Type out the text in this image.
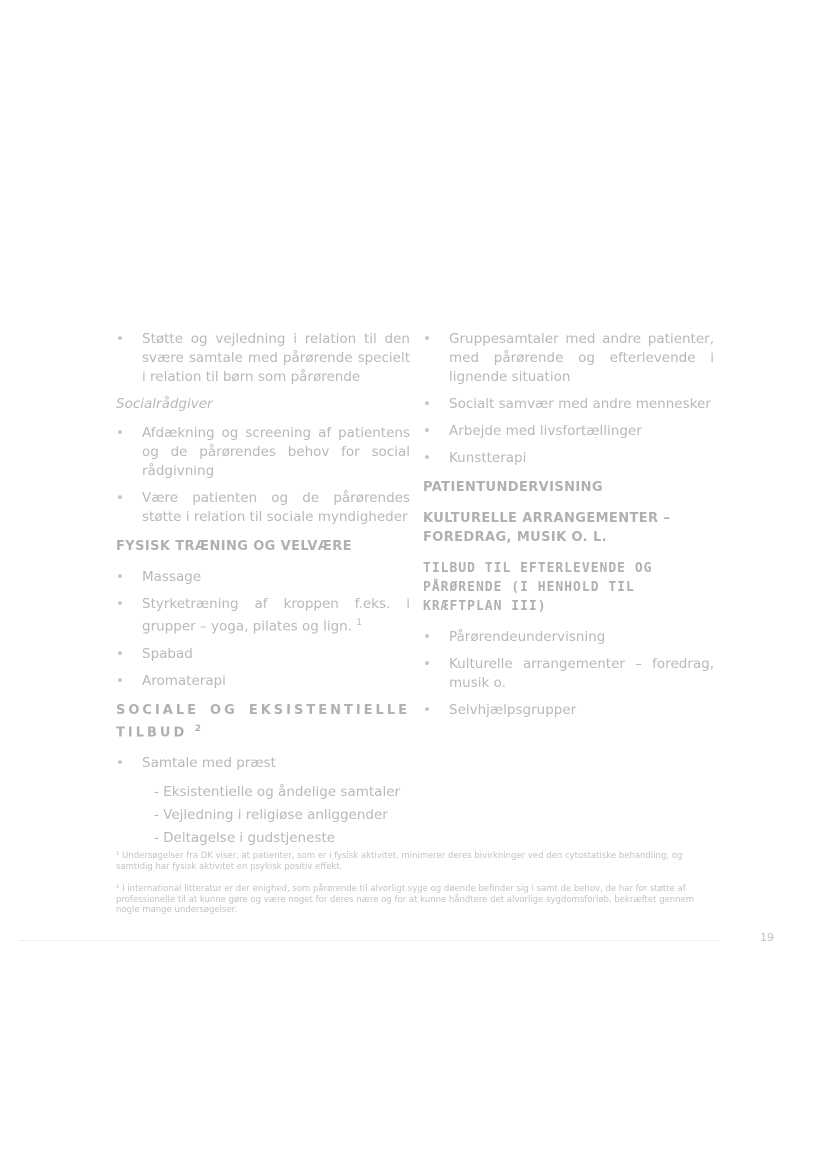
• Støtte og vejledning i relation til den svære samtale med pårørende specielt i relation til børn som pårørende
Socialrådgiver
• Afdækning og screening af patientens og de pårørendes behov for social rådgivning
• Være patienten og de pårørendes støtte i relation til sociale myndigheder
FYSISK TRÆNING OG VELVÆRE
• Massage
• Styrketræning af kroppen f.eks. i grupper – yoga, pilates og lign. $^1$
• Spabad
• Aromaterapi
SOCIALE OG EKSISTENTIELLE TILBUD $^2$
• Samtale med præst
- Eksistentielle og åndelige samtaler
- Vejledning i religiøse anliggender
- Deltagelse i gudstjeneste
• Gruppesamtaler med andre patienter, med pårørende og efterlevende i lignende situation
• Socialt samvær med andre mennesker
• Arbejde med livsfortællinger
• Kunstterapi
PATIENTUNDERVISNING
KULTURELLE ARRANGEMENTER – FOREDRAG, MUSIK O. L.
TILBUD TIL EFTERLEVENDE OG PÅRØRENDE (I HENHOLD TIL KRÆFTPLAN III)
• Pårørendeundervisning
• Kulturelle arrangementer – foredrag, musik o.
• Selvhjælpsgrupper

¹ Undersøgelser fra DK viser, at patienter, som er i fysisk aktivitet, minimerer deres bivirkninger ved den cytostatiske behandling, og samtidig har fysisk aktivitet en psykisk positiv effekt.

² I international litteratur er der enighed, som pårørende til alvorligt syge og døende befinder sig i samt de behov, de har for støtte af professionelle til at kunne gøre og være noget for deres nære og for at kunne håndtere det alvorlige sygdomsforløb, bekræftet gennem nogle mange undersøgelser.

19
